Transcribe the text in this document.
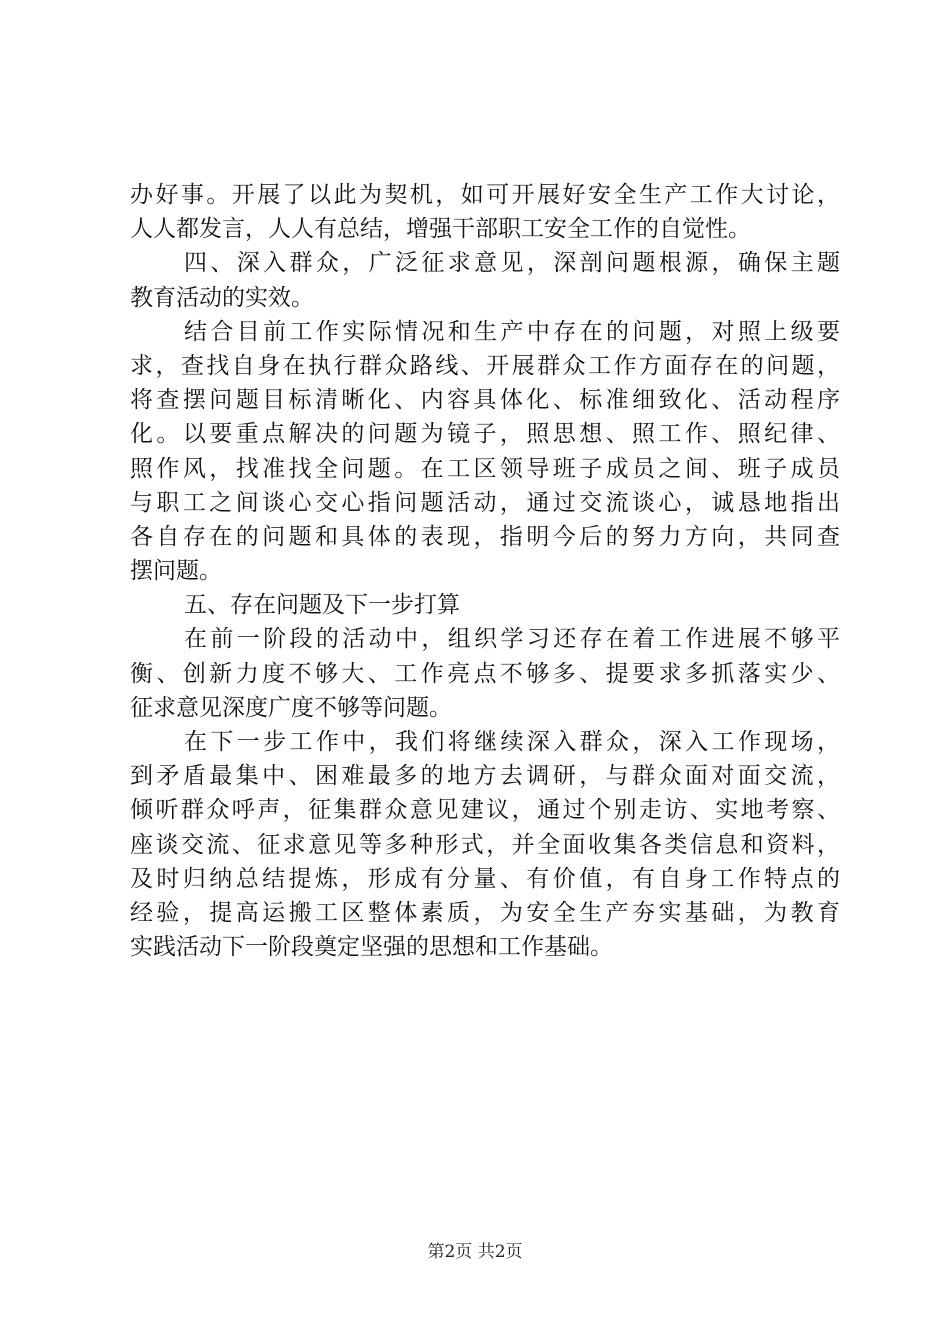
办好事。开展了以此为契机，如可开展好安全生产工作大讨论，
人人都发言，人人有总结，增强干部职工安全工作的自觉性。
四、深入群众，广泛征求意见，深剖问题根源，确保主题
教育活动的实效。
结合目前工作实际情况和生产中存在的问题，对照上级要
求，查找自身在执行群众路线、开展群众工作方面存在的问题，
将查摆问题目标清晰化、内容具体化、标准细致化、活动程序
化。以要重点解决的问题为镜子，照思想、照工作、照纪律、
照作风，找准找全问题。在工区领导班子成员之间、班子成员
与职工之间谈心交心指问题活动，通过交流谈心，诚恳地指出
各自存在的问题和具体的表现，指明今后的努力方向，共同查
摆问题。
五、存在问题及下一步打算
在前一阶段的活动中，组织学习还存在着工作进展不够平
衡、创新力度不够大、工作亮点不够多、提要求多抓落实少、
征求意见深度广度不够等问题。
在下一步工作中，我们将继续深入群众，深入工作现场，
到矛盾最集中、困难最多的地方去调研，与群众面对面交流，
倾听群众呼声，征集群众意见建议，通过个别走访、实地考察、
座谈交流、征求意见等多种形式，并全面收集各类信息和资料，
及时归纳总结提炼，形成有分量、有价值，有自身工作特点的
经验，提高运搬工区整体素质，为安全生产夯实基础，为教育
实践活动下一阶段奠定坚强的思想和工作基础。
第2页 共2页
